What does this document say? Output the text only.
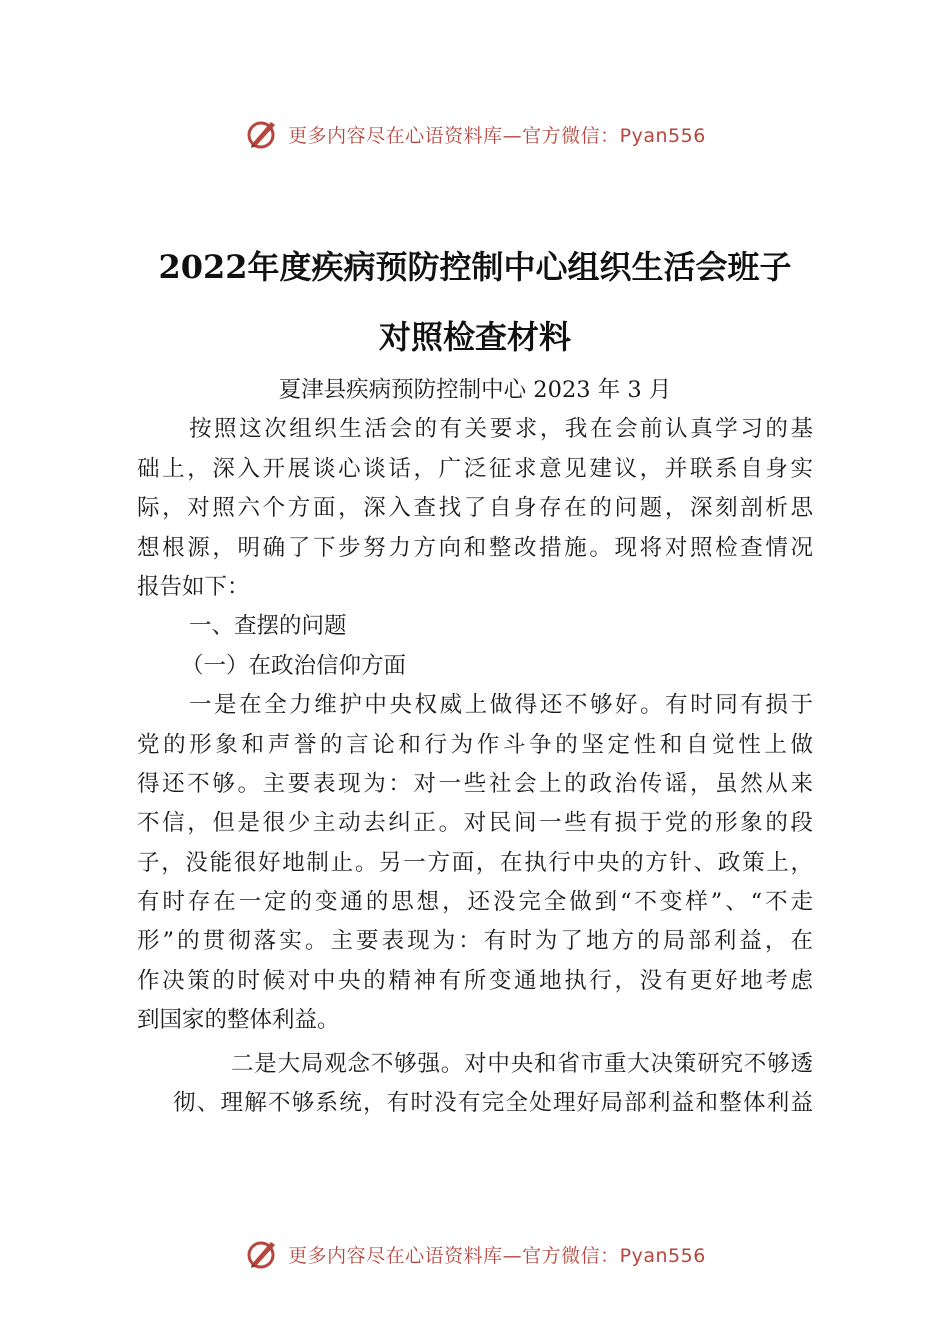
更多内容尽在心语资料库—官方微信：Pyan556
2022年度疾病预防控制中心组织生活会班子
对照检查材料
夏津县疾病预防控制中心 2023 年 3 月
按照这次组织生活会的有关要求，我在会前认真学习的基
础上，深入开展谈心谈话，广泛征求意见建议，并联系自身实
际，对照六个方面，深入查找了自身存在的问题，深刻剖析思
想根源，明确了下步努力方向和整改措施。现将对照检查情况
报告如下：
一、查摆的问题
（一）在政治信仰方面
一是在全力维护中央权威上做得还不够好。有时同有损于
党的形象和声誉的言论和行为作斗争的坚定性和自觉性上做
得还不够。主要表现为：对一些社会上的政治传谣，虽然从来
不信，但是很少主动去纠正。对民间一些有损于党的形象的段
子，没能很好地制止。另一方面，在执行中央的方针、政策上，
有时存在一定的变通的思想，还没完全做到“不变样”、“不走
形”的贯彻落实。主要表现为：有时为了地方的局部利益，在
作决策的时候对中央的精神有所变通地执行，没有更好地考虑
到国家的整体利益。
二是大局观念不够强。对中央和省市重大决策研究不够透
彻、理解不够系统，有时没有完全处理好局部利益和整体利益
更多内容尽在心语资料库—官方微信：Pyan556
